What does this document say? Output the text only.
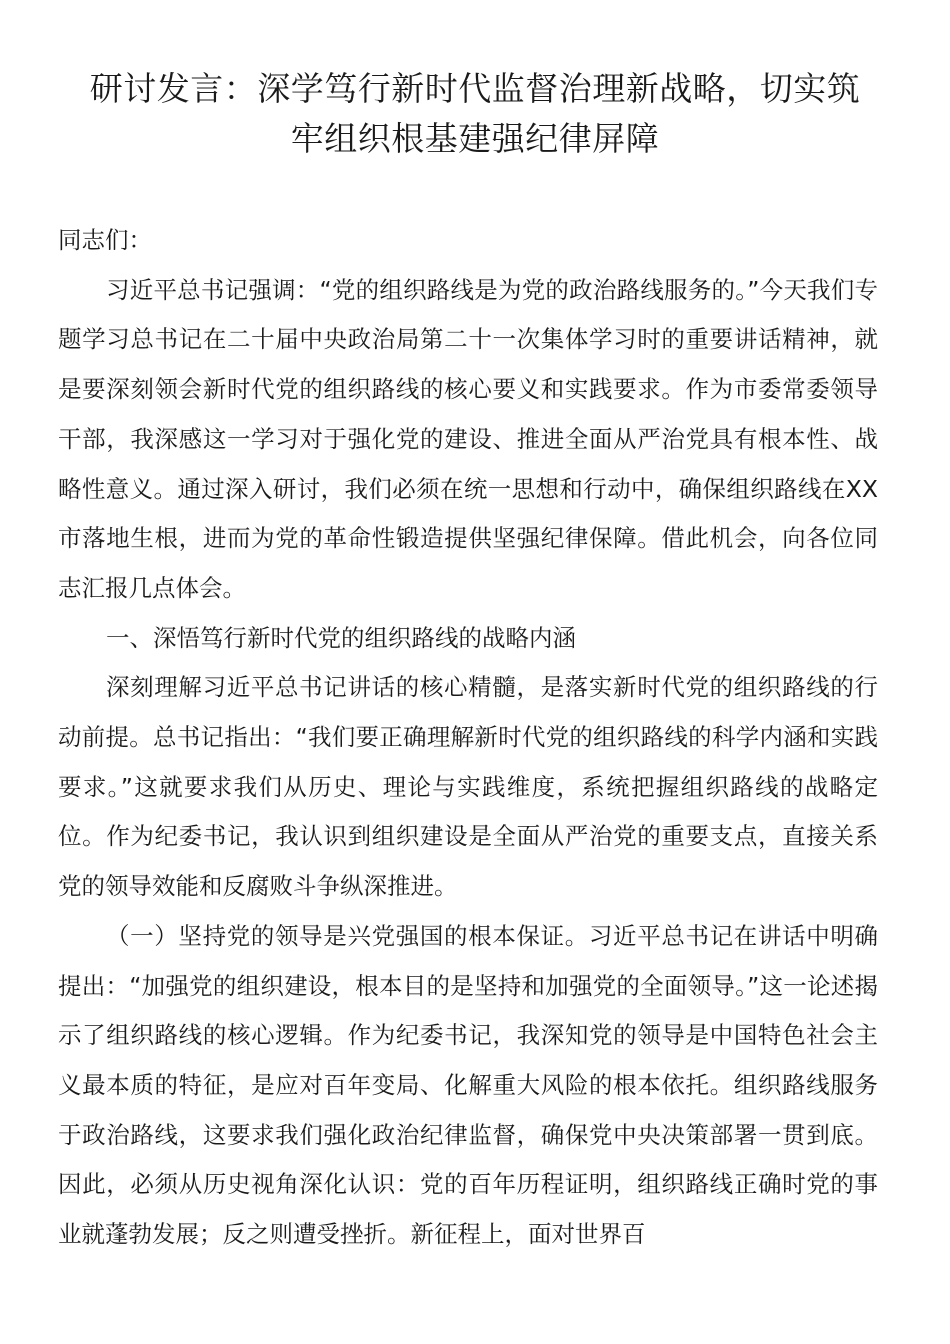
研讨发言：深学笃行新时代监督治理新战略，切实筑
牢组织根基建强纪律屏障

同志们：

习近平总书记强调：“党的组织路线是为党的政治路线服务的。”今天我们专题学习总书记在二十届中央政治局第二十一次集体学习时的重要讲话精神，就是要深刻领会新时代党的组织路线的核心要义和实践要求。作为市委常委领导干部，我深感这一学习对于强化党的建设、推进全面从严治党具有根本性、战略性意义。通过深入研讨，我们必须在统一思想和行动中，确保组织路线在XX市落地生根，进而为党的革命性锻造提供坚强纪律保障。借此机会，向各位同志汇报几点体会。

一、深悟笃行新时代党的组织路线的战略内涵

深刻理解习近平总书记讲话的核心精髓，是落实新时代党的组织路线的行动前提。总书记指出：“我们要正确理解新时代党的组织路线的科学内涵和实践要求。”这就要求我们从历史、理论与实践维度，系统把握组织路线的战略定位。作为纪委书记，我认识到组织建设是全面从严治党的重要支点，直接关系党的领导效能和反腐败斗争纵深推进。

（一）坚持党的领导是兴党强国的根本保证。习近平总书记在讲话中明确提出：“加强党的组织建设，根本目的是坚持和加强党的全面领导。”这一论述揭示了组织路线的核心逻辑。作为纪委书记，我深知党的领导是中国特色社会主义最本质的特征，是应对百年变局、化解重大风险的根本依托。组织路线服务于政治路线，这要求我们强化政治纪律监督，确保党中央决策部署一贯到底。因此，必须从历史视角深化认识：党的百年历程证明，组织路线正确时党的事业就蓬勃发展；反之则遭受挫折。新征程上，面对世界百
